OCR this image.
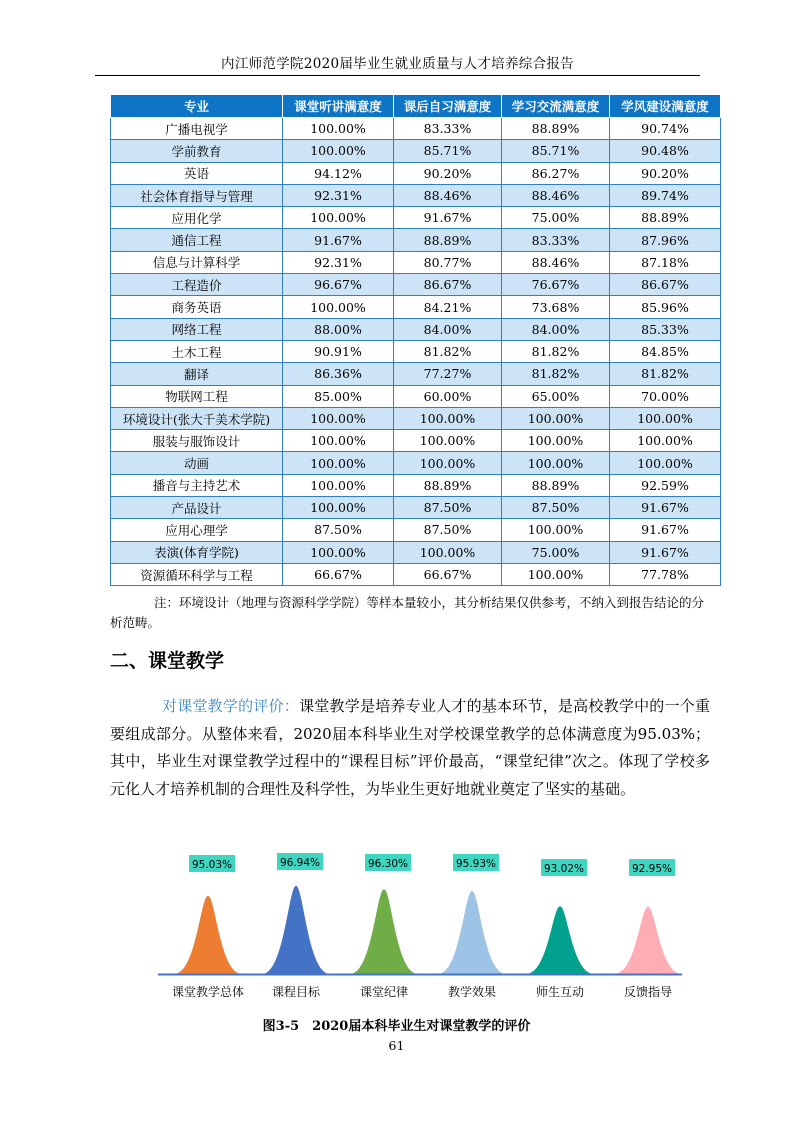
内江师范学院2020届毕业生就业质量与人才培养综合报告
专业	课堂听讲满意度	课后自习满意度	学习交流满意度	学风建设满意度
广播电视学	100.00%	83.33%	88.89%	90.74%
学前教育	100.00%	85.71%	85.71%	90.48%
英语	94.12%	90.20%	86.27%	90.20%
社会体育指导与管理	92.31%	88.46%	88.46%	89.74%
应用化学	100.00%	91.67%	75.00%	88.89%
通信工程	91.67%	88.89%	83.33%	87.96%
信息与计算科学	92.31%	80.77%	88.46%	87.18%
工程造价	96.67%	86.67%	76.67%	86.67%
商务英语	100.00%	84.21%	73.68%	85.96%
网络工程	88.00%	84.00%	84.00%	85.33%
土木工程	90.91%	81.82%	81.82%	84.85%
翻译	86.36%	77.27%	81.82%	81.82%
物联网工程	85.00%	60.00%	65.00%	70.00%
环境设计(张大千美术学院)	100.00%	100.00%	100.00%	100.00%
服装与服饰设计	100.00%	100.00%	100.00%	100.00%
动画	100.00%	100.00%	100.00%	100.00%
播音与主持艺术	100.00%	88.89%	88.89%	92.59%
产品设计	100.00%	87.50%	87.50%	91.67%
应用心理学	87.50%	87.50%	100.00%	91.67%
表演(体育学院)	100.00%	100.00%	75.00%	91.67%
资源循环科学与工程	66.67%	66.67%	100.00%	77.78%
注：环境设计（地理与资源科学学院）等样本量较小，其分析结果仅供参考，不纳入到报告结论的分析范畴。
二、课堂教学
对课堂教学的评价：课堂教学是培养专业人才的基本环节，是高校教学中的一个重要组成部分。从整体来看，2020届本科毕业生对学校课堂教学的总体满意度为95.03%；其中，毕业生对课堂教学过程中的“课程目标”评价最高，“课堂纪律”次之。体现了学校多元化人才培养机制的合理性及科学性，为毕业生更好地就业奠定了坚实的基础。
95.03%
课堂教学总体
96.94%
课程目标
96.30%
课堂纪律
95.93%
教学效果
93.02%
师生互动
92.95%
反馈指导
图3-5　2020届本科毕业生对课堂教学的评价
61
